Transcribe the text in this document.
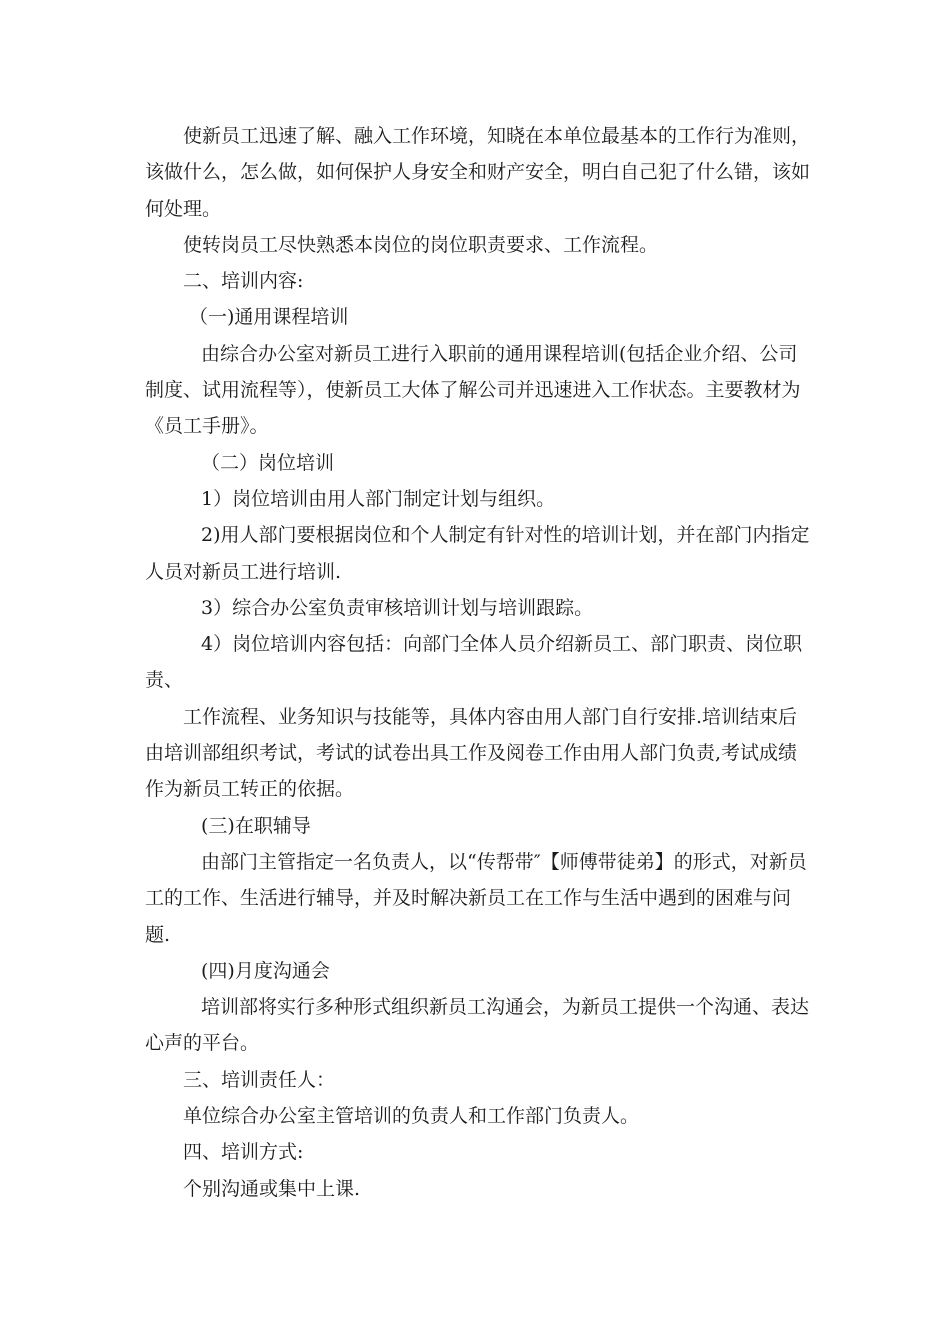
使新员工迅速了解、融入工作环境，知晓在本单位最基本的工作行为准则，该做什么，怎么做，如何保护人身安全和财产安全，明白自己犯了什么错，该如何处理。

使转岗员工尽快熟悉本岗位的岗位职责要求、工作流程。

二、培训内容:

（一)通用课程培训

由综合办公室对新员工进行入职前的通用课程培训(包括企业介绍、公司制度、试用流程等），使新员工大体了解公司并迅速进入工作状态。主要教材为《员工手册》。

（二）岗位培训

1）岗位培训由用人部门制定计划与组织。

2)用人部门要根据岗位和个人制定有针对性的培训计划，并在部门内指定人员对新员工进行培训.

3）综合办公室负责审核培训计划与培训跟踪。

4）岗位培训内容包括：向部门全体人员介绍新员工、部门职责、岗位职责、

工作流程、业务知识与技能等，具体内容由用人部门自行安排.培训结束后由培训部组织考试，考试的试卷出具工作及阅卷工作由用人部门负责,考试成绩作为新员工转正的依据。

(三)在职辅导

由部门主管指定一名负责人，以“传帮带″【师傅带徒弟】的形式，对新员工的工作、生活进行辅导，并及时解决新员工在工作与生活中遇到的困难与问题.

(四)月度沟通会

培训部将实行多种形式组织新员工沟通会，为新员工提供一个沟通、表达心声的平台。

三、培训责任人：

单位综合办公室主管培训的负责人和工作部门负责人。

四、培训方式:

个别沟通或集中上课.
